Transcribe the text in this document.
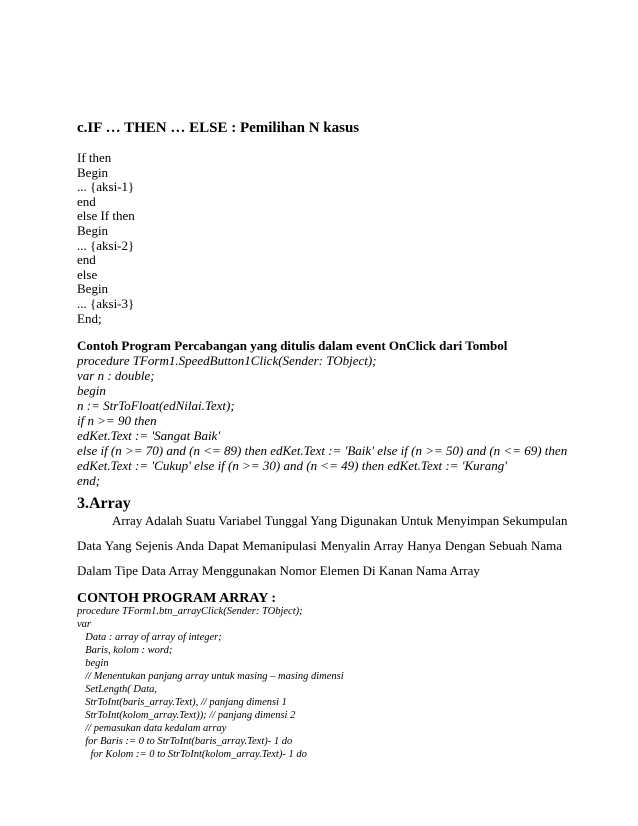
c.IF … THEN … ELSE : Pemilihan N kasus
If then
Begin
... {aksi-1}
end
else If then
Begin
... {aksi-2}
end
else
Begin
... {aksi-3}
End;
Contoh Program Percabangan yang ditulis dalam event OnClick dari Tombol
procedure TForm1.SpeedButton1Click(Sender: TObject);
var n : double;
begin
n := StrToFloat(edNilai.Text);
if n >= 90 then
edKet.Text := 'Sangat Baik'
else if (n >= 70) and (n <= 89) then edKet.Text := 'Baik' else if (n >= 50) and (n <= 69) then
edKet.Text := 'Cukup' else if (n >= 30) and (n <= 49) then edKet.Text := 'Kurang'
end;
3.Array
Array Adalah Suatu Variabel Tunggal Yang Digunakan Untuk Menyimpan Sekumpulan
Data Yang Sejenis Anda Dapat Memanipulasi Menyalin Array Hanya Dengan Sebuah Nama
Dalam Tipe Data Array Menggunakan Nomor Elemen Di Kanan Nama Array
CONTOH PROGRAM ARRAY :
procedure TForm1.btn_arrayClick(Sender: TObject);
var
Data : array of array of integer;
Baris, kolom : word;
begin
// Menentukan panjang array untuk masing – masing dimensi
SetLength( Data,
StrToInt(baris_array.Text), // panjang dimensi 1
StrToInt(kolom_array.Text)); // panjang dimensi 2
// pemasukan data kedalam array
for Baris := 0 to StrToInt(baris_array.Text)- 1 do
for Kolom := 0 to StrToInt(kolom_array.Text)- 1 do
